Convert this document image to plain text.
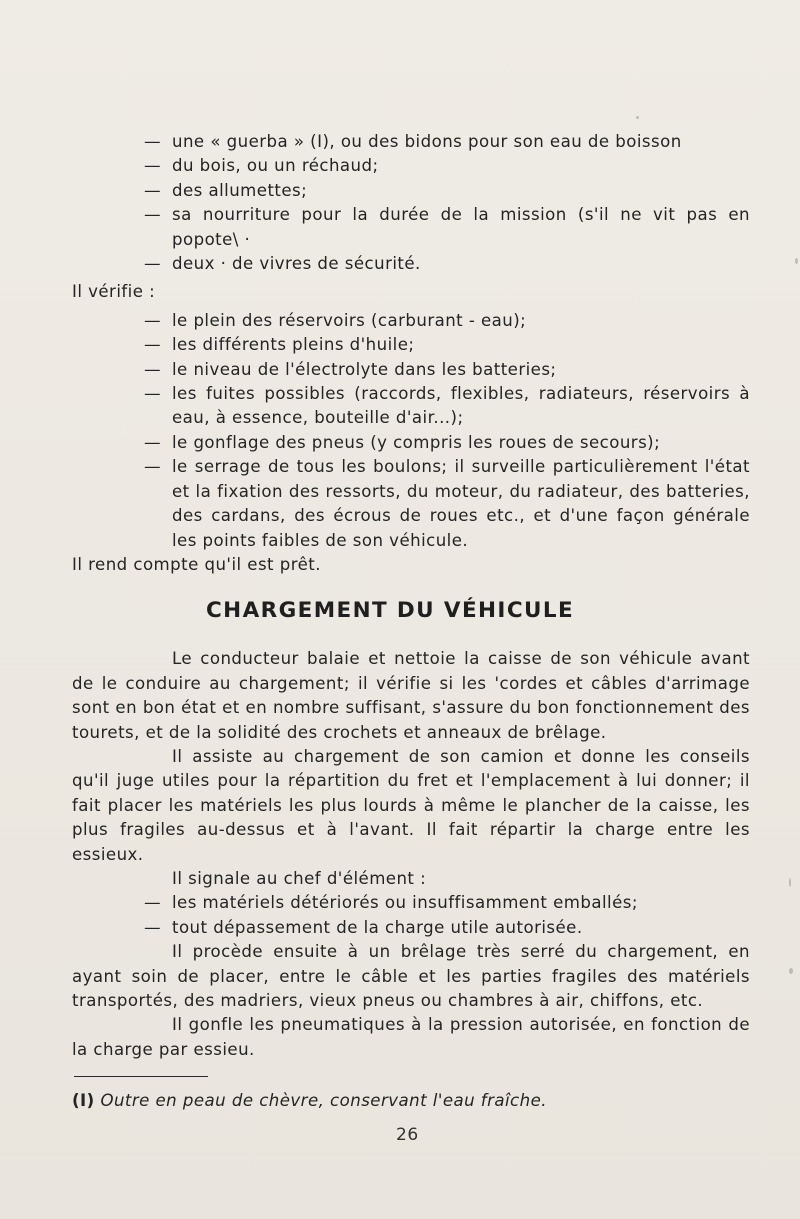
— une « guerba » (I), ou des bidons pour son eau de boisson

— du bois, ou un réchaud;

— des allumettes;

— sa nourriture pour la durée de la mission (s'il ne vit pas en popote\ ·

— deux · de vivres de sécurité.

Il vérifie :

— le plein des réservoirs (carburant - eau);

— les différents pleins d'huile;

— le niveau de l'électrolyte dans les batteries;

— les fuites possibles (raccords, flexibles, radiateurs, réservoirs à eau, à essence, bouteille d'air...);

— le gonflage des pneus (y compris les roues de secours);

— le serrage de tous les boulons; il surveille particulièrement l'état et la fixation des ressorts, du moteur, du radiateur, des batteries, des cardans, des écrous de roues etc., et d'une façon générale les points faibles de son véhicule.

Il rend compte qu'il est prêt.

CHARGEMENT DU VÉHICULE

Le conducteur balaie et nettoie la caisse de son véhicule avant de le conduire au chargement; il vérifie si les 'cordes et câbles d'arrimage sont en bon état et en nombre suffisant, s'assure du bon fonctionnement des tourets, et de la solidité des crochets et anneaux de brêlage.

Il assiste au chargement de son camion et donne les conseils qu'il juge utiles pour la répartition du fret et l'emplacement à lui donner; il fait placer les matériels les plus lourds à même le plancher de la caisse, les plus fragiles au-dessus et à l'avant. Il fait répartir la charge entre les essieux.

Il signale au chef d'élément :

— les matériels détériorés ou insuffisamment emballés;

— tout dépassement de la charge utile autorisée.

Il procède ensuite à un brêlage très serré du chargement, en ayant soin de placer, entre le câble et les parties fragiles des matériels transportés, des madriers, vieux pneus ou chambres à air, chiffons, etc.

Il gonfle les pneumatiques à la pression autorisée, en fonction de la charge par essieu.

(I) Outre en peau de chèvre, conservant l'eau fraîche.

26
